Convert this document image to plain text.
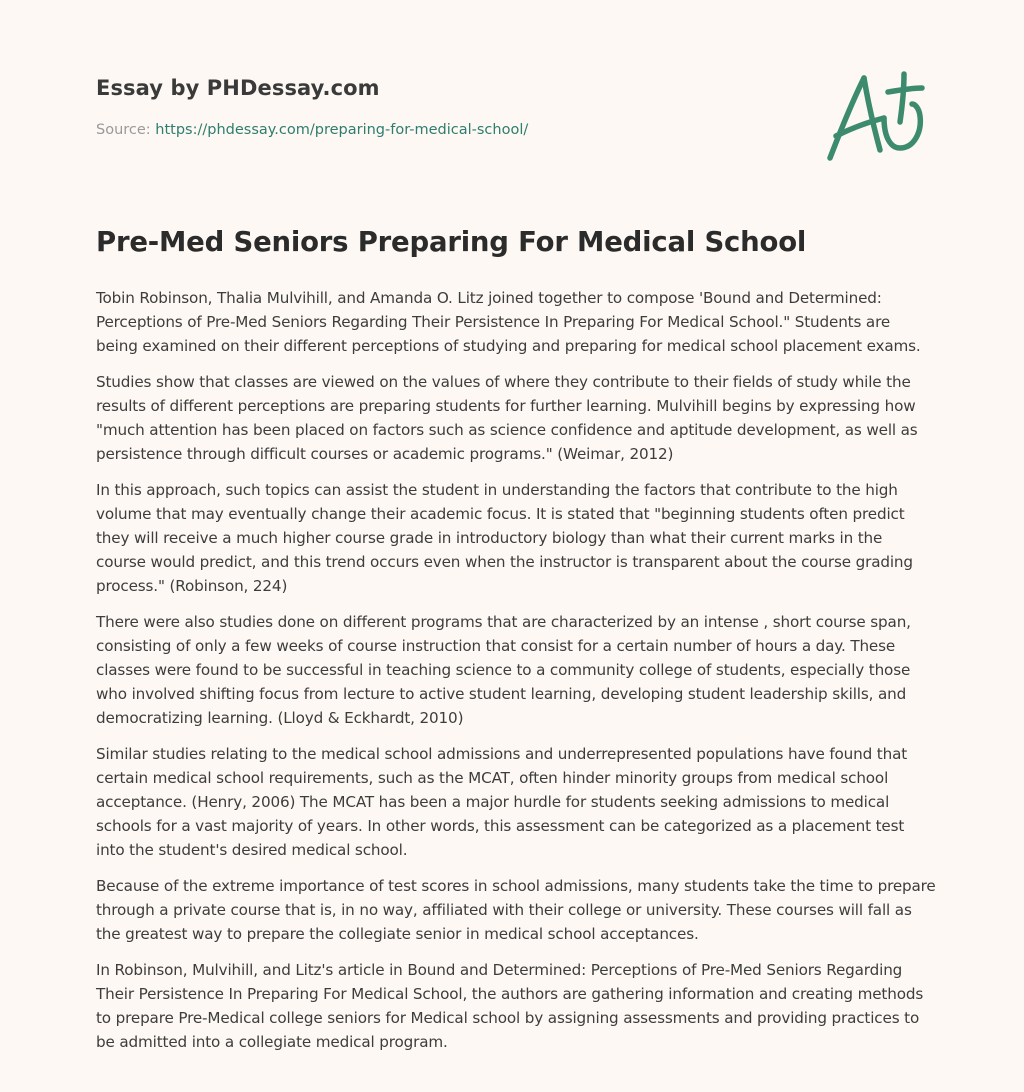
Essay by PHDessay.com
Source: https://phdessay.com/preparing-for-medical-school/
Pre-Med Seniors Preparing For Medical School

Tobin Robinson, Thalia Mulvihill, and Amanda O. Litz joined together to compose 'Bound and Determined: Perceptions of Pre-Med Seniors Regarding Their Persistence In Preparing For Medical School." Students are being examined on their different perceptions of studying and preparing for medical school placement exams.

Studies show that classes are viewed on the values of where they contribute to their fields of study while the results of different perceptions are preparing students for further learning. Mulvihill begins by expressing how "much attention has been placed on factors such as science confidence and aptitude development, as well as persistence through difficult courses or academic programs." (Weimar, 2012)

In this approach, such topics can assist the student in understanding the factors that contribute to the high volume that may eventually change their academic focus. It is stated that "beginning students often predict they will receive a much higher course grade in introductory biology than what their current marks in the course would predict, and this trend occurs even when the instructor is transparent about the course grading process." (Robinson, 224)

There were also studies done on different programs that are characterized by an intense , short course span, consisting of only a few weeks of course instruction that consist for a certain number of hours a day. These classes were found to be successful in teaching science to a community college of students, especially those who involved shifting focus from lecture to active student learning, developing student leadership skills, and democratizing learning. (Lloyd & Eckhardt, 2010)

Similar studies relating to the medical school admissions and underrepresented populations have found that certain medical school requirements, such as the MCAT, often hinder minority groups from medical school acceptance. (Henry, 2006) The MCAT has been a major hurdle for students seeking admissions to medical schools for a vast majority of years. In other words, this assessment can be categorized as a placement test into the student's desired medical school.

Because of the extreme importance of test scores in school admissions, many students take the time to prepare through a private course that is, in no way, affiliated with their college or university. These courses will fall as the greatest way to prepare the collegiate senior in medical school acceptances.

In Robinson, Mulvihill, and Litz's article in Bound and Determined: Perceptions of Pre-Med Seniors Regarding Their Persistence In Preparing For Medical School, the authors are gathering information and creating methods to prepare Pre-Medical college seniors for Medical school by assigning assessments and providing practices to be admitted into a collegiate medical program.
